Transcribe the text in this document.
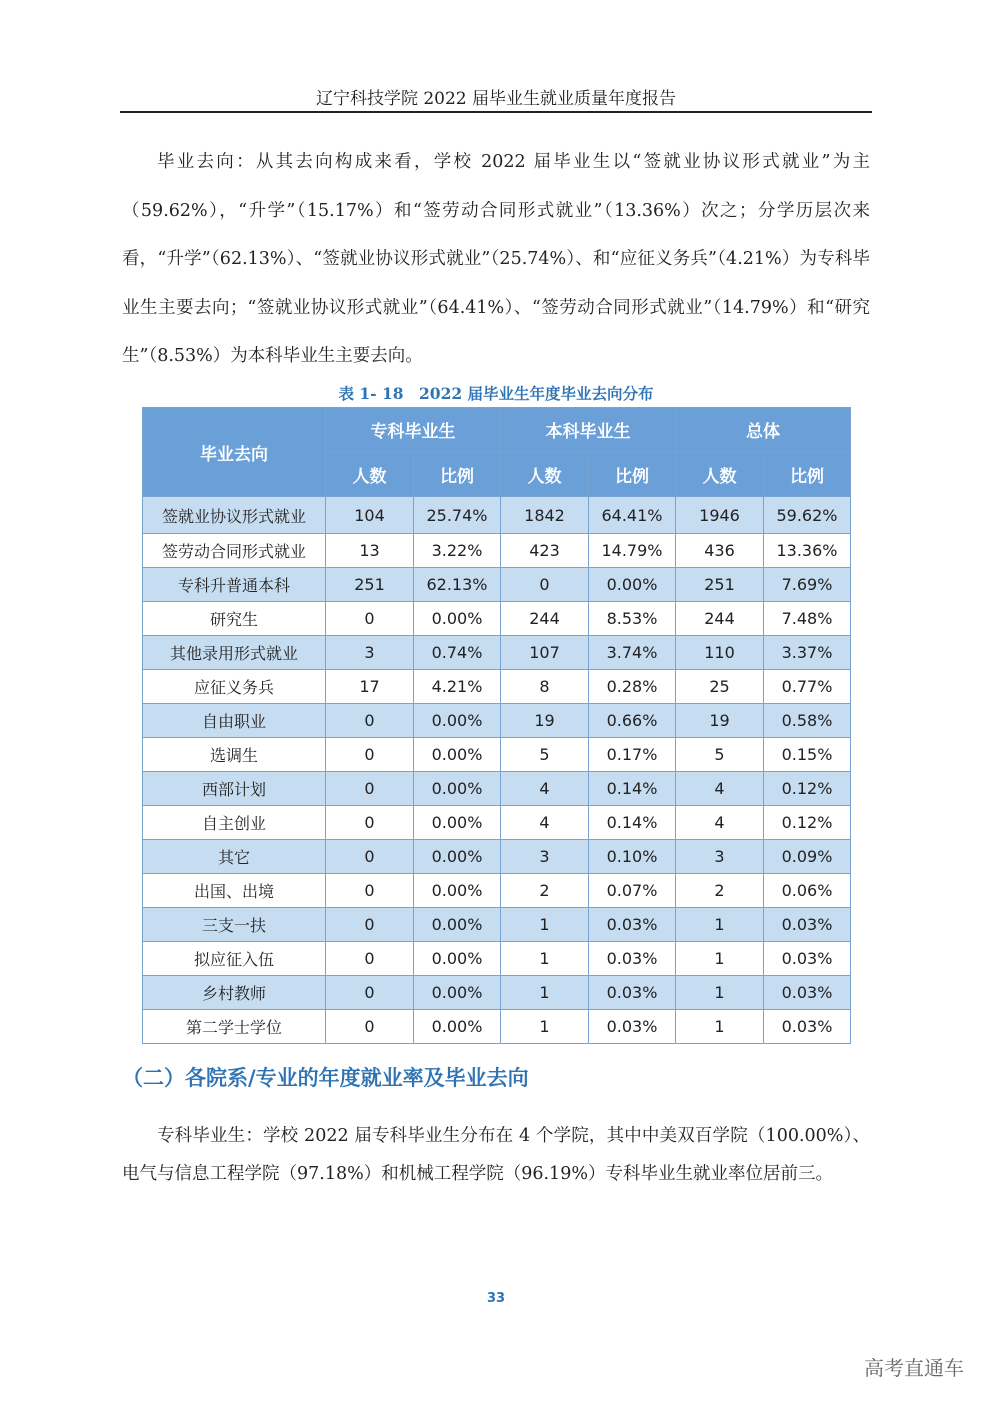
辽宁科技学院 2022 届毕业生就业质量年度报告

毕业去向：从其去向构成来看，学校 2022 届毕业生以“签就业协议形式就业”为主（59.62%），“升学”（15.17%）和“签劳动合同形式就业”（13.36%）次之；分学历层次来看，“升学”（62.13%）、“签就业协议形式就业”（25.74%）、和“应征义务兵”（4.21%）为专科毕业生主要去向；“签就业协议形式就业”（64.41%）、“签劳动合同形式就业”（14.79%）和“研究生”（8.53%）为本科毕业生主要去向。

表 1- 18　2022 届毕业生年度毕业去向分布
毕业去向	专科毕业生		本科毕业生		总体	
	人数	比例	人数	比例	人数	比例
签就业协议形式就业	104	25.74%	1842	64.41%	1946	59.62%
签劳动合同形式就业	13	3.22%	423	14.79%	436	13.36%
专科升普通本科	251	62.13%	0	0.00%	251	7.69%
研究生	0	0.00%	244	8.53%	244	7.48%
其他录用形式就业	3	0.74%	107	3.74%	110	3.37%
应征义务兵	17	4.21%	8	0.28%	25	0.77%
自由职业	0	0.00%	19	0.66%	19	0.58%
选调生	0	0.00%	5	0.17%	5	0.15%
西部计划	0	0.00%	4	0.14%	4	0.12%
自主创业	0	0.00%	4	0.14%	4	0.12%
其它	0	0.00%	3	0.10%	3	0.09%
出国、出境	0	0.00%	2	0.07%	2	0.06%
三支一扶	0	0.00%	1	0.03%	1	0.03%
拟应征入伍	0	0.00%	1	0.03%	1	0.03%
乡村教师	0	0.00%	1	0.03%	1	0.03%
第二学士学位	0	0.00%	1	0.03%	1	0.03%
（二）各院系/专业的年度就业率及毕业去向

专科毕业生：学校 2022 届专科毕业生分布在 4 个学院，其中中美双百学院（100.00%）、电气与信息工程学院（97.18%）和机械工程学院（96.19%）专科毕业生就业率位居前三。

33
高考直通车
